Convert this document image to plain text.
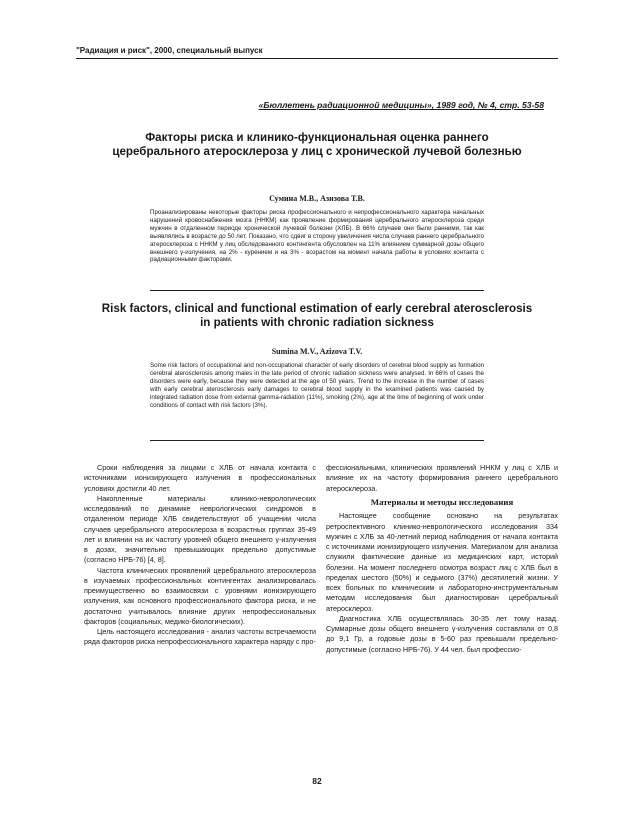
"Радиация и риск", 2000, специальный выпуск
«Бюллетень радиационной медицины», 1989 год, № 4, стр. 53-58
Факторы риска и клинико-функциональная оценка раннего церебрального атеросклероза у лиц с хронической лучевой болезнью
Сумина М.В., Азизова Т.В.
Проанализированы некоторые факторы риска профессионального и непрофессионального характера начальных нарушений кровоснабжения мозга (ННКМ) как проявление формирования церебрального атеросклероза среди мужчин в отдаленном периоде хронической лучевой болезни (ХЛБ). В 66% случаев они были ранними, так как выявлялись в возрасте до 50 лет. Показано, что сдвиг в сторону увеличения числа случаев раннего церебрального атеросклероза с ННКМ у лиц обследованного контингента обусловлен на 11% влиянием суммарной дозы общего внешнего γ-излучения, на 2% - курением и на 3% - возрастом на момент начала работы в условиях контакта с радиационными факторами.
Risk factors, clinical and functional estimation of early cerebral aterosclerosis in patients with chronic radiation sickness
Sumina M.V., Azizova T.V.
Some risk factors of occupational and non-occupational character of early disorders of cerebral blood supply as formation cerebral aterosclerosis among males in the late period of chronic radiation sickness were analysed. In 66% of cases the disorders were early, because they were detected at the age of 50 years. Trend to the increase in the number of cases with early cerebral aterosclerosis early damages to cerebral blood supply in the examined patients was caused by integrated radiation dose from external gamma-radiation (11%), smoking (2%), age at the time of beginning of work under conditions of contact with risk factors (3%).

Сроки наблюдения за лицами с ХЛБ от начала контакта с источниками ионизирующего излучения в профессиональных условиях достигли 40 лет.

Накопленные материалы клинико-неврологических исследований по динамике неврологических синдромов в отдаленном периоде ХЛБ свидетельствуют об учащении числа случаев церебрального атеросклероза в возрастных группах 35-49 лет и влиянии на их частоту уровней общего внешнего γ-излучения в дозах, значительно превышающих предельно допустимые (согласно НРБ-76) [4, 8].

Частота клинических проявлений церебрального атеросклероза в изучаемых профессиональных контингентах анализировалась преимущественно во взаимосвязи с уровнями ионизирующего излучения, как основного профессионального фактора риска, и не достаточно учитывалось влияние других непрофессиональных факторов (социальных, медико-биологических).

Цель настоящего исследования - анализ частоты встречаемости ряда факторов риска непрофессионального характера наряду с про-

фессиональными, клинических проявлений ННКМ у лиц с ХЛБ и влияние их на частоту формирования раннего церебрального атеросклероза.

Материалы и методы исследования

Настоящее сообщение основано на результатах ретроспективного клинико-неврологического исследования 334 мужчин с ХЛБ за 40-летний период наблюдения от начала контакта с источниками ионизирующего излучения. Материалом для анализа служили фактические данные из медицинских карт, историй болезни. На момент последнего осмотра возраст лиц с ХЛБ был в пределах шестого (50%) и седьмого (37%) десятилетий жизни. У всех больных по клиническим и лабораторно-инструментальным методам исследования был диагностирован церебральный атеросклероз.

Диагностика ХЛБ осуществлялась 30-35 лет тому назад. Суммарные дозы общего внешнего γ-излучения составляли от 0,8 до 9,1 Гр, а годовые дозы в 5-60 раз превышали предельно-допустимые (согласно НРБ-76). У 44 чел. был профессио-

82
